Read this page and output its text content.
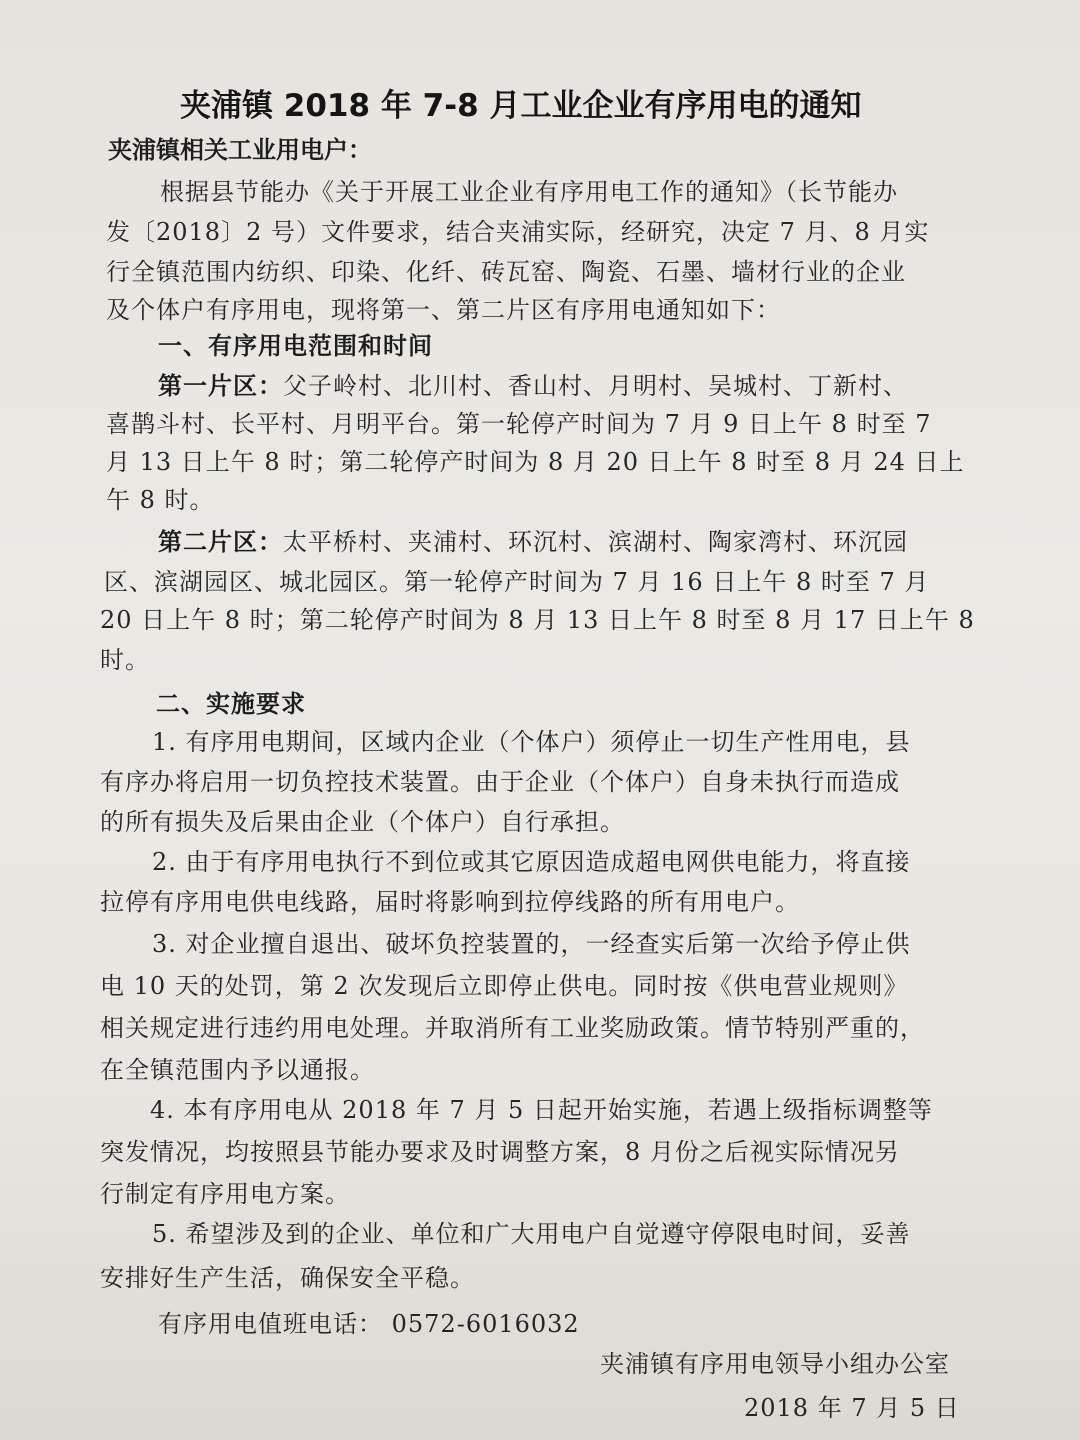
夹浦镇 2018 年 7-8 月工业企业有序用电的通知
夹浦镇相关工业用电户：
根据县节能办《关于开展工业企业有序用电工作的通知》（长节能办
发〔2018〕2 号）文件要求，结合夹浦实际，经研究，决定 7 月、8 月实
行全镇范围内纺织、印染、化纤、砖瓦窑、陶瓷、石墨、墙材行业的企业
及个体户有序用电，现将第一、第二片区有序用电通知如下：
一、有序用电范围和时间
第一片区：父子岭村、北川村、香山村、月明村、吴城村、丁新村、
喜鹊斗村、长平村、月明平台。第一轮停产时间为 7 月 9 日上午 8 时至 7
月 13 日上午 8 时；第二轮停产时间为 8 月 20 日上午 8 时至 8 月 24 日上
午 8 时。
第二片区：太平桥村、夹浦村、环沉村、滨湖村、陶家湾村、环沉园
区、滨湖园区、城北园区。第一轮停产时间为 7 月 16 日上午 8 时至 7 月
20 日上午 8 时；第二轮停产时间为 8 月 13 日上午 8 时至 8 月 17 日上午 8
时。
二、实施要求
1. 有序用电期间，区域内企业（个体户）须停止一切生产性用电，县
有序办将启用一切负控技术装置。由于企业（个体户）自身未执行而造成
的所有损失及后果由企业（个体户）自行承担。
2. 由于有序用电执行不到位或其它原因造成超电网供电能力，将直接
拉停有序用电供电线路，届时将影响到拉停线路的所有用电户。
3. 对企业擅自退出、破坏负控装置的，一经查实后第一次给予停止供
电 10 天的处罚，第 2 次发现后立即停止供电。同时按《供电营业规则》
相关规定进行违约用电处理。并取消所有工业奖励政策。情节特别严重的，
在全镇范围内予以通报。
4. 本有序用电从 2018 年 7 月 5 日起开始实施，若遇上级指标调整等
突发情况，均按照县节能办要求及时调整方案，8 月份之后视实际情况另
行制定有序用电方案。
5. 希望涉及到的企业、单位和广大用电户自觉遵守停限电时间，妥善
安排好生产生活，确保安全平稳。
有序用电值班电话： 0572-6016032
夹浦镇有序用电领导小组办公室
2018 年 7 月 5 日
